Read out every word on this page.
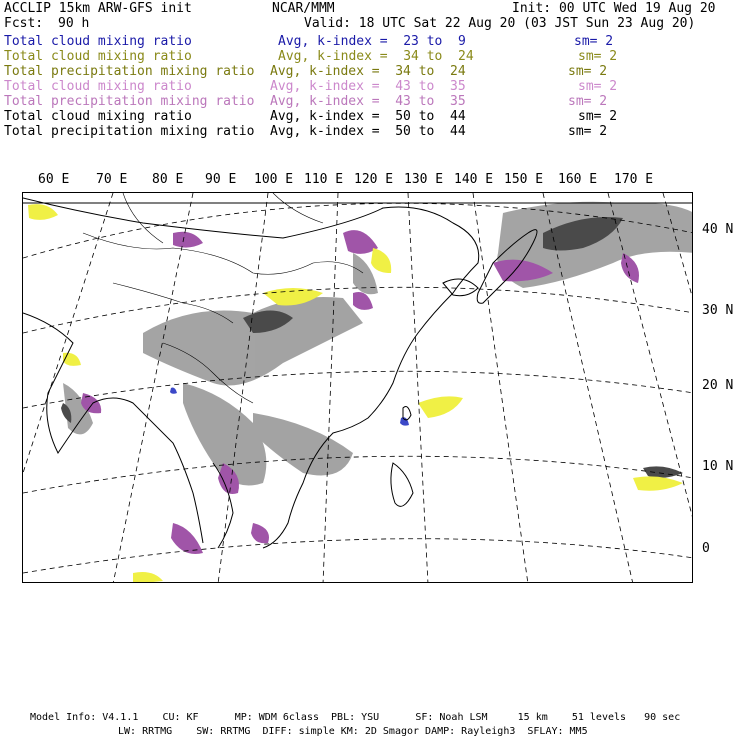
ACCLIP 15km ARW-GFS init	NCAR/MMM	Init: 00 UTC Wed 19 Aug 20
Fcst: 90 h	Valid: 18 UTC Sat 22 Aug 20 (03 JST Sun 23 Aug 20)
Total cloud mixing ratio	Avg, k-index =  23 to  9	sm= 2
Total cloud mixing ratio	Avg, k-index =  34 to  24	sm= 2
Total precipitation mixing ratio Avg, k-index =  34 to  24	sm= 2
Total cloud mixing ratio	Avg, k-index =  43 to  35	sm= 2
Total precipitation mixing ratio Avg, k-index =  43 to  35	sm= 2
Total cloud mixing ratio	Avg, k-index =  50 to  44	sm= 2
Total precipitation mixing ratio Avg, k-index =  50 to  44	sm= 2
60 E 70 E 80 E 90 E 100 E 110 E 120 E 130 E 140 E 150 E 160 E 170 E
40 N
30 N
20 N
10 N
0
Model Info: V4.1.1    CU: KF      MP: WDM 6class  PBL: YSU      SF: Noah LSM     15 km    51 levels   90 sec
LW: RRTMG    SW: RRTMG  DIFF: simple KM: 2D Smagor DAMP: Rayleigh3  SFLAY: MM5
